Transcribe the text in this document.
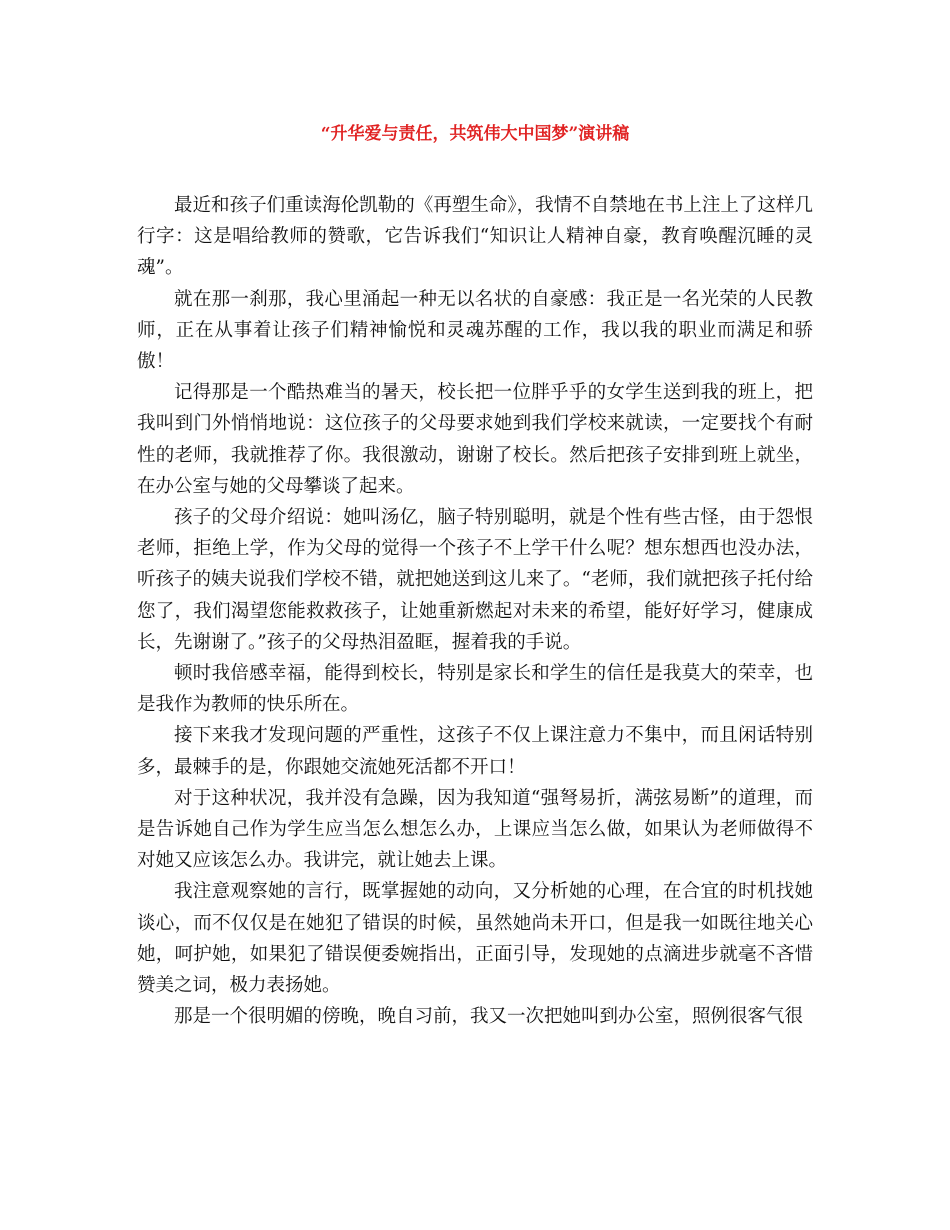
“升华爱与责任，共筑伟大中国梦”演讲稿

最近和孩子们重读海伦凯勒的《再塑生命》，我情不自禁地在书上注上了这样几行字：这是唱给教师的赞歌，它告诉我们“知识让人精神自豪，教育唤醒沉睡的灵魂”。

就在那一刹那，我心里涌起一种无以名状的自豪感：我正是一名光荣的人民教师，正在从事着让孩子们精神愉悦和灵魂苏醒的工作，我以我的职业而满足和骄傲！

记得那是一个酷热难当的暑天，校长把一位胖乎乎的女学生送到我的班上，把我叫到门外悄悄地说：这位孩子的父母要求她到我们学校来就读，一定要找个有耐性的老师，我就推荐了你。我很激动，谢谢了校长。然后把孩子安排到班上就坐，在办公室与她的父母攀谈了起来。

孩子的父母介绍说：她叫汤亿，脑子特别聪明，就是个性有些古怪，由于怨恨老师，拒绝上学，作为父母的觉得一个孩子不上学干什么呢？想东想西也没办法，听孩子的姨夫说我们学校不错，就把她送到这儿来了。“老师，我们就把孩子托付给您了，我们渴望您能救救孩子，让她重新燃起对未来的希望，能好好学习，健康成长，先谢谢了。”孩子的父母热泪盈眶，握着我的手说。

顿时我倍感幸福，能得到校长，特别是家长和学生的信任是我莫大的荣幸，也是我作为教师的快乐所在。

接下来我才发现问题的严重性，这孩子不仅上课注意力不集中，而且闲话特别多，最棘手的是，你跟她交流她死活都不开口！

对于这种状况，我并没有急躁，因为我知道“强弩易折，满弦易断”的道理，而是告诉她自己作为学生应当怎么想怎么办，上课应当怎么做，如果认为老师做得不对她又应该怎么办。我讲完，就让她去上课。

我注意观察她的言行，既掌握她的动向，又分析她的心理，在合宜的时机找她谈心，而不仅仅是在她犯了错误的时候，虽然她尚未开口，但是我一如既往地关心她，呵护她，如果犯了错误便委婉指出，正面引导，发现她的点滴进步就毫不吝惜赞美之词，极力表扬她。

那是一个很明媚的傍晚，晚自习前，我又一次把她叫到办公室，照例很客气很
